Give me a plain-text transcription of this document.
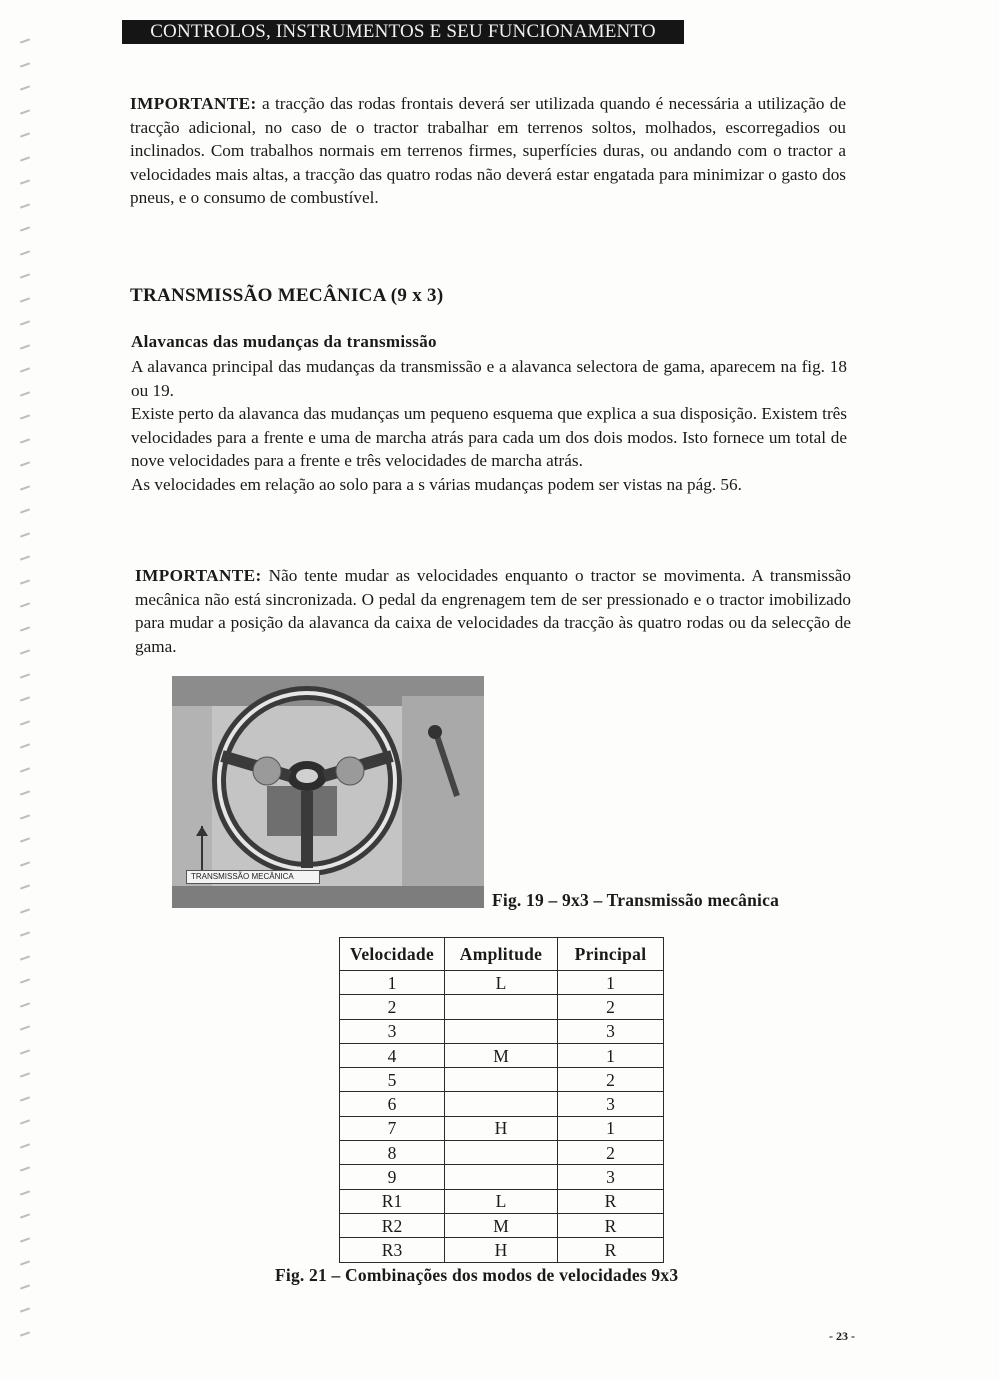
CONTROLOS, INSTRUMENTOS E SEU FUNCIONAMENTO
IMPORTANTE: a tracção das rodas frontais deverá ser utilizada quando é necessária a utilização de tracção adicional, no caso de o tractor trabalhar em terrenos soltos, molhados, escorregadios ou inclinados. Com trabalhos normais em terrenos firmes, superfícies duras, ou andando com o tractor a velocidades mais altas, a tracção das quatro rodas não deverá estar engatada para minimizar o gasto dos pneus, e o consumo de combustível.
TRANSMISSÃO MECÂNICA (9 x 3)
Alavancas das mudanças da transmissão
A alavanca principal das mudanças da transmissão e a alavanca selectora de gama, aparecem na fig. 18 ou 19.
Existe perto da alavanca das mudanças um pequeno esquema que explica a sua disposição. Existem três velocidades para a frente e uma de marcha atrás para cada um dos dois modos. Isto fornece um total de nove velocidades para a frente e três velocidades de marcha atrás.
As velocidades em relação ao solo para a s várias mudanças podem ser vistas na pág. 56.
IMPORTANTE: Não tente mudar as velocidades enquanto o tractor se movimenta. A transmissão mecânica não está sincronizada. O pedal da engrenagem tem de ser pressionado e o tractor imobilizado para mudar a posição da alavanca da caixa de velocidades da tracção às quatro rodas ou da selecção de gama.
TRANSMISSÃO MECÂNICA
Fig. 19 – 9x3 – Transmissão mecânica
Velocidade	Amplitude	Principal
1	L	1
2		2
3		3
4	M	1
5		2
6		3
7	H	1
8		2
9		3
R1	L	R
R2	M	R
R3	H	R
Fig. 21 – Combinações dos modos de velocidades 9x3
- 23 -
